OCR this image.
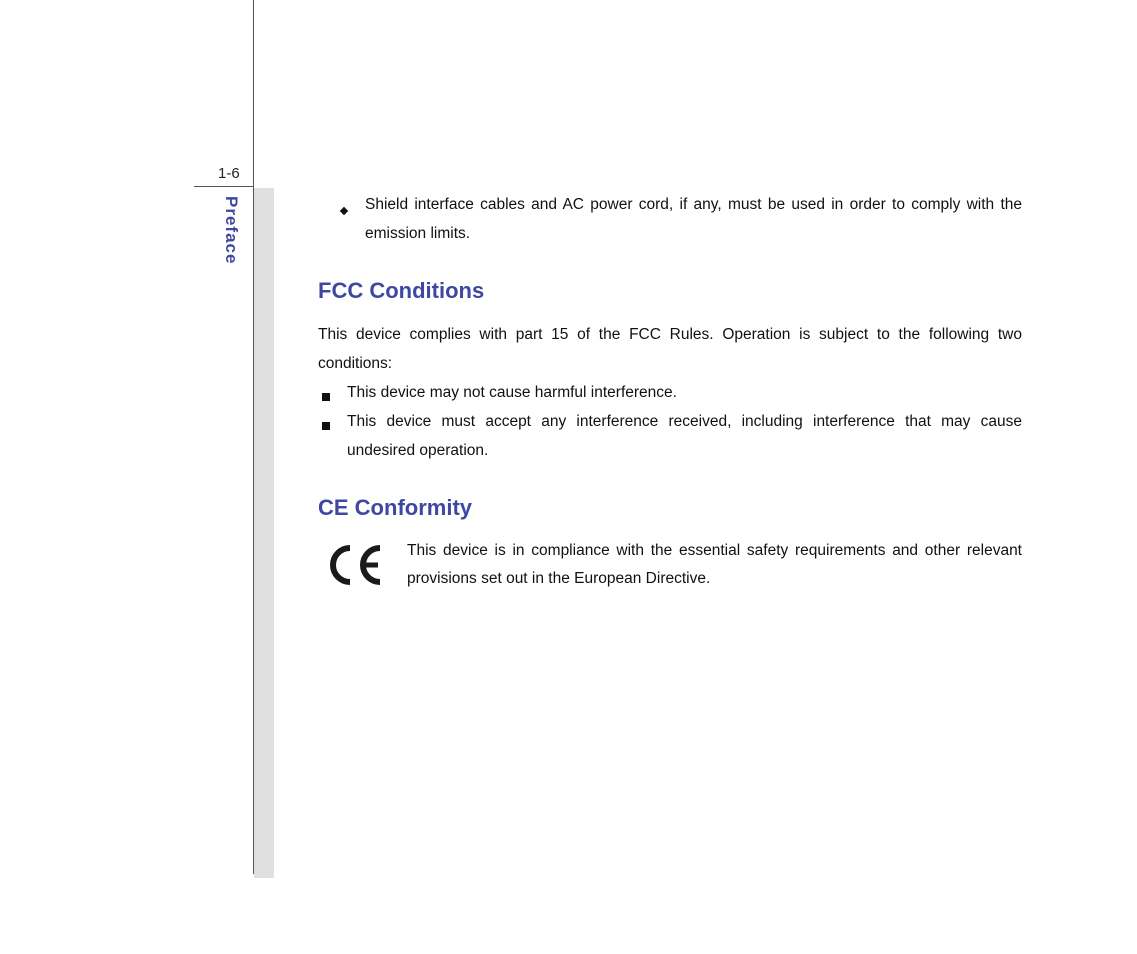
1-6
Preface	Shield interface cables and AC power cord, if any, must be used in order to comply with the emission limits.
FCC Conditions
This device complies with part 15 of the FCC Rules. Operation is subject to the following two conditions:
This device may not cause harmful interference.
This device must accept any interference received, including interference that may cause undesired operation.
CE Conformity
This device is in compliance with the essential safety requirements and other relevant provisions set out in the European Directive.
